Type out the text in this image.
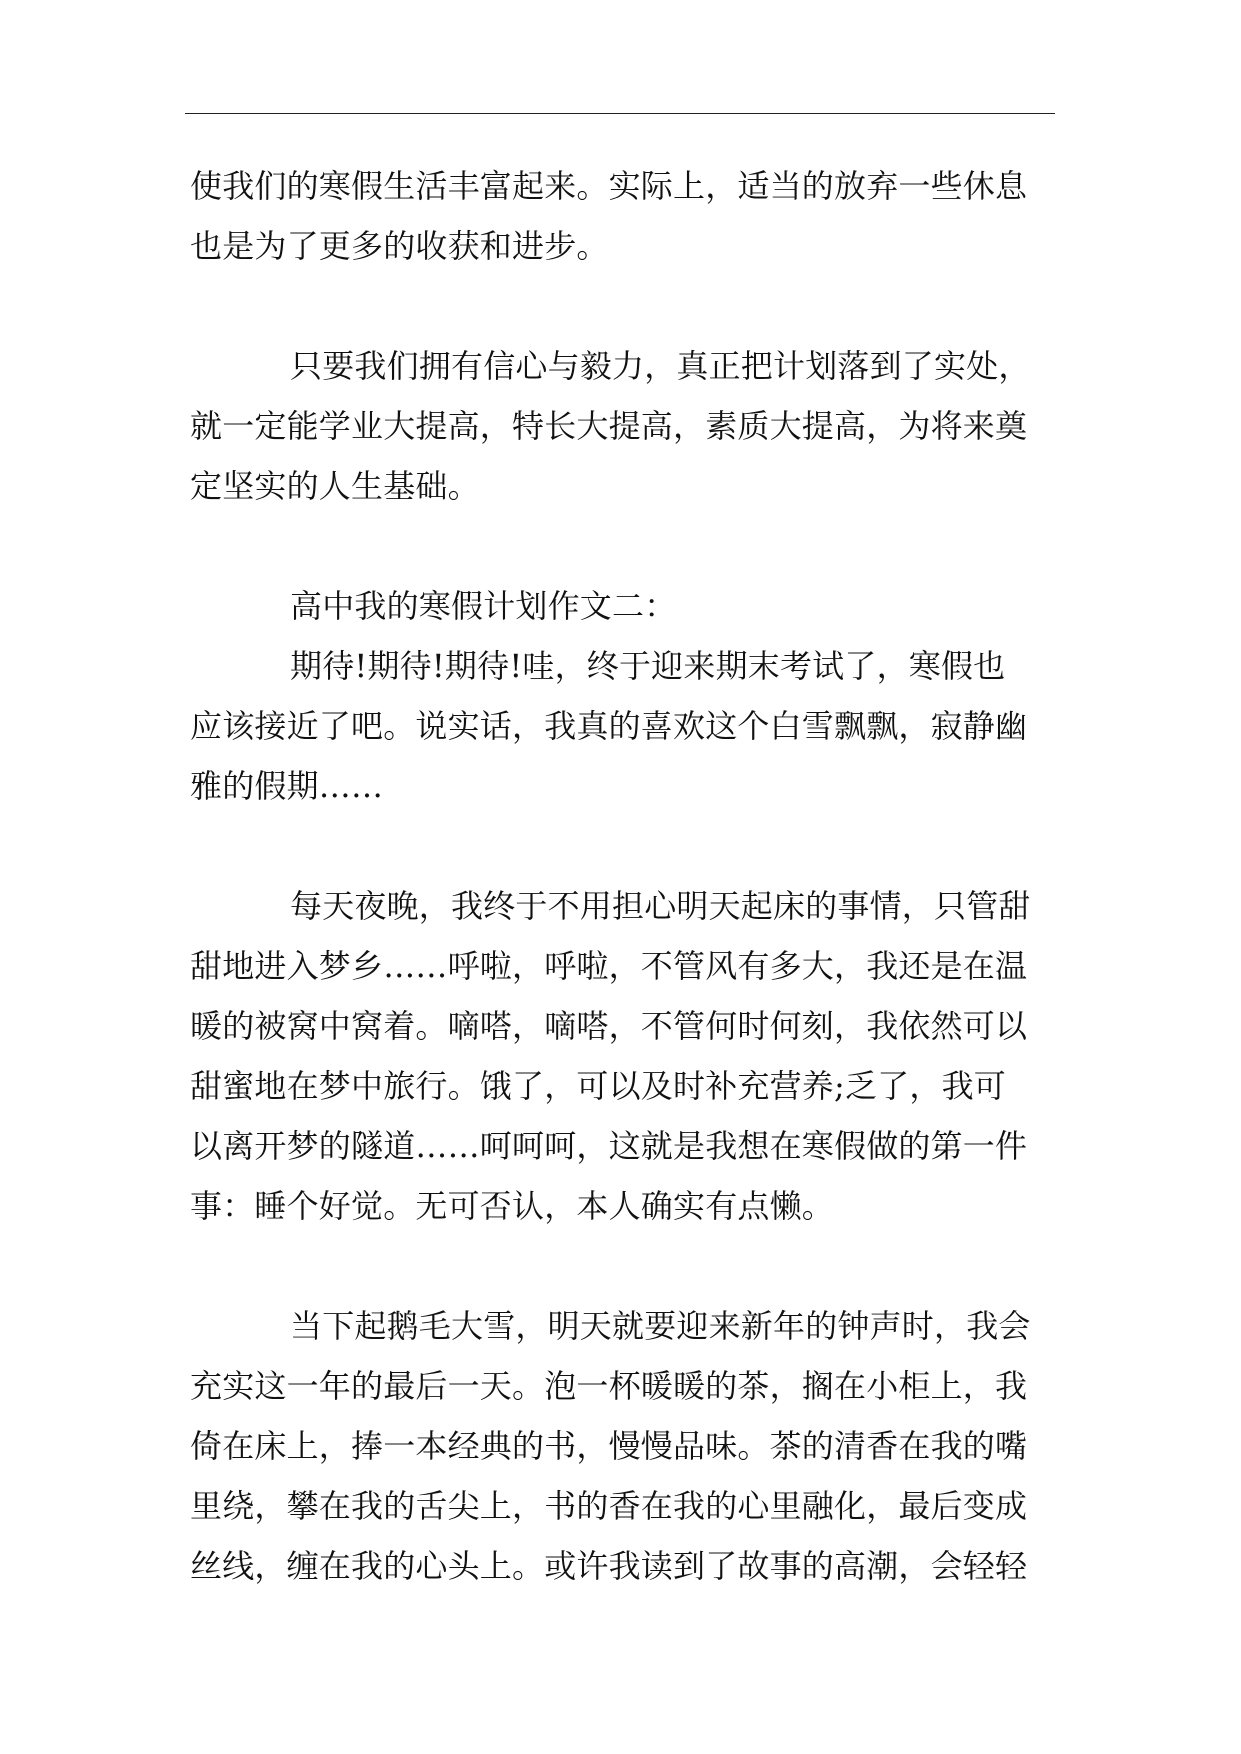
使我们的寒假生活丰富起来。实际上，适当的放弃一些休息
也是为了更多的收获和进步。
只要我们拥有信心与毅力，真正把计划落到了实处，
就一定能学业大提高，特长大提高，素质大提高，为将来奠
定坚实的人生基础。
高中我的寒假计划作文二：
期待!期待!期待!哇，终于迎来期末考试了，寒假也
应该接近了吧。说实话，我真的喜欢这个白雪飘飘，寂静幽
雅的假期……
每天夜晚，我终于不用担心明天起床的事情，只管甜
甜地进入梦乡……呼啦，呼啦，不管风有多大，我还是在温
暖的被窝中窝着。嘀嗒，嘀嗒，不管何时何刻，我依然可以
甜蜜地在梦中旅行。饿了，可以及时补充营养;乏了，我可
以离开梦的隧道……呵呵呵，这就是我想在寒假做的第一件
事：睡个好觉。无可否认，本人确实有点懒。
当下起鹅毛大雪，明天就要迎来新年的钟声时，我会
充实这一年的最后一天。泡一杯暖暖的茶，搁在小柜上，我
倚在床上，捧一本经典的书，慢慢品味。茶的清香在我的嘴
里绕，攀在我的舌尖上，书的香在我的心里融化，最后变成
丝线，缠在我的心头上。或许我读到了故事的高潮，会轻轻
